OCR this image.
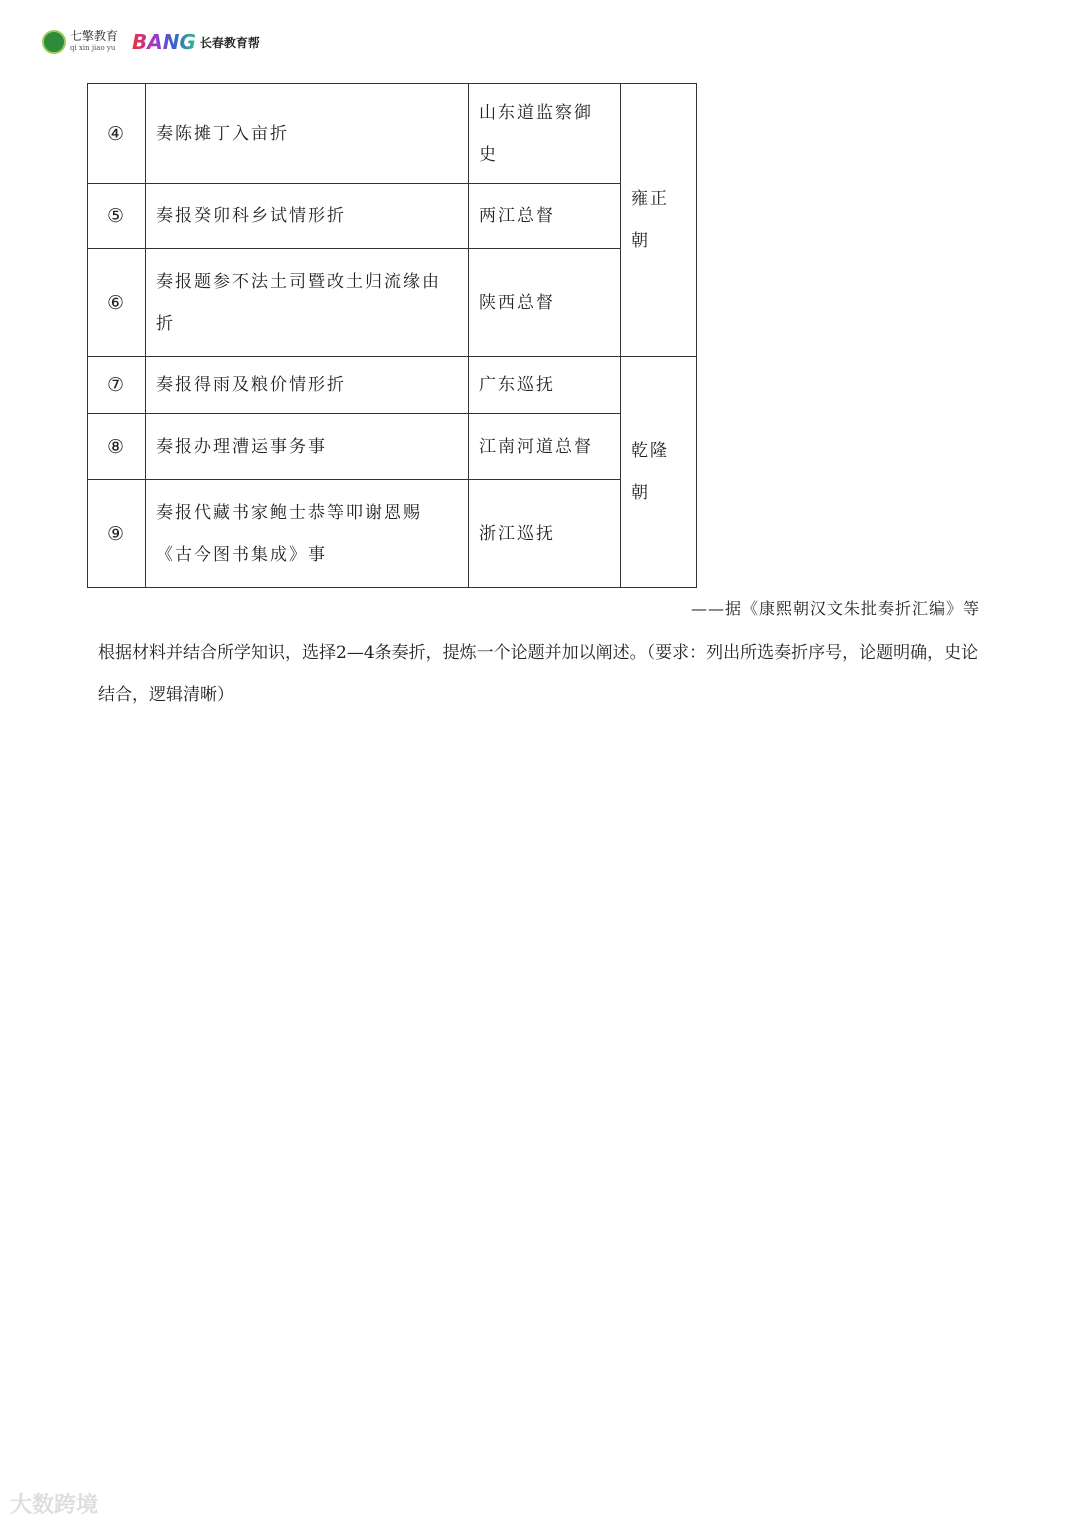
七擎教育
qi xin jiao yu BANG 长春教育帮
④	奏陈摊丁入亩折	山东道监察御史	雍正朝
⑤	奏报癸卯科乡试情形折	两江总督	
⑥	奏报题参不法土司暨改土归流缘由折	陕西总督	
⑦	奏报得雨及粮价情形折	广东巡抚	乾隆朝
⑧	奏报办理漕运事务事	江南河道总督	
⑨	奏报代藏书家鲍士恭等叩谢恩赐《古今图书集成》事	浙江巡抚	
——据《康熙朝汉文朱批奏折汇编》等
根据材料并结合所学知识，选择2—4条奏折，提炼一个论题并加以阐述。（要求：列出所选奏折序号，论题明确，史论结合，逻辑清晰）
大数跨境
